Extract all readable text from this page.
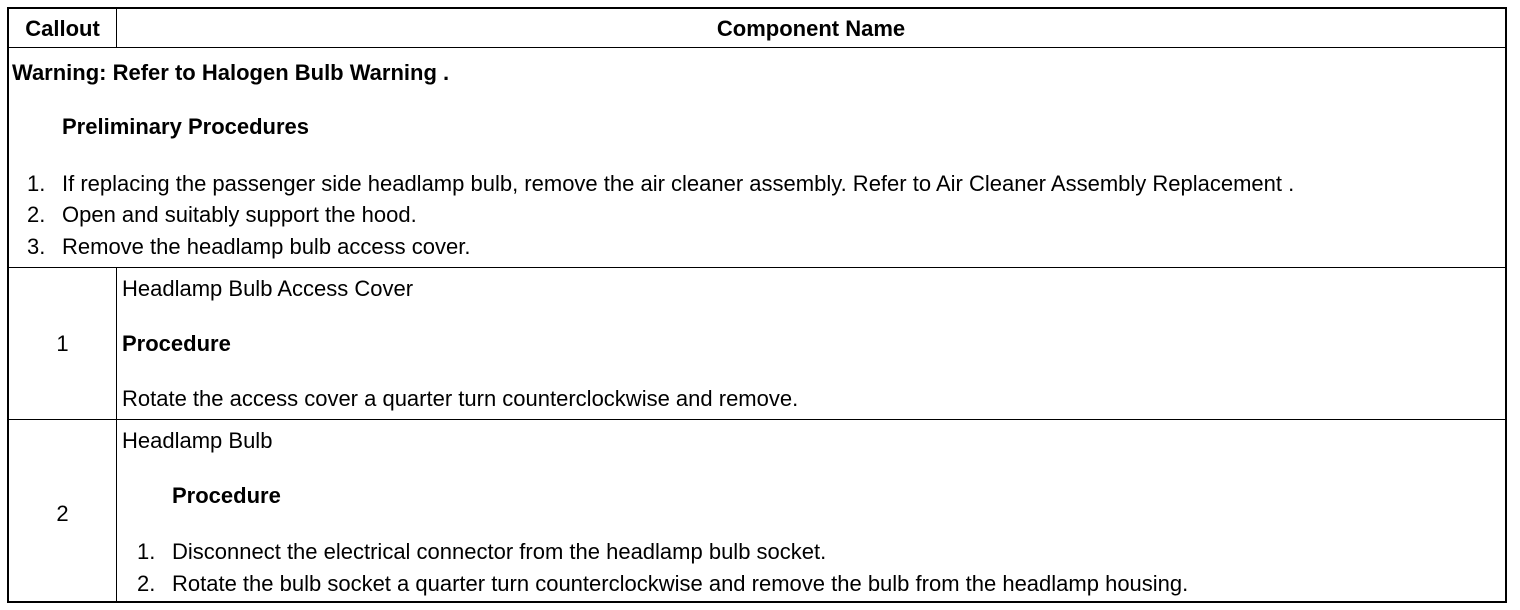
Callout	Component Name
Warning: Refer to Halogen Bulb Warning .
Preliminary Procedures
1. If replacing the passenger side headlamp bulb, remove the air cleaner assembly. Refer to Air Cleaner Assembly Replacement .
2. Open and suitably support the hood.
3. Remove the headlamp bulb access cover.
1
Headlamp Bulb Access Cover
Procedure
Rotate the access cover a quarter turn counterclockwise and remove.
2
Headlamp Bulb
Procedure
1. Disconnect the electrical connector from the headlamp bulb socket.
2. Rotate the bulb socket a quarter turn counterclockwise and remove the bulb from the headlamp housing.
